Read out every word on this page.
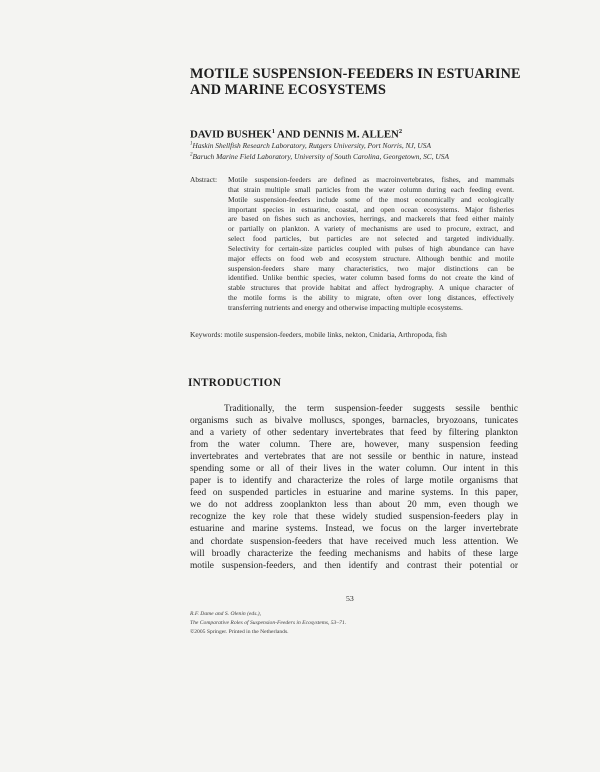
MOTILE SUSPENSION-FEEDERS IN ESTUARINE
AND MARINE ECOSYSTEMS
DAVID BUSHEK$^1$ AND DENNIS M. ALLEN$^2$
$^1$Haskin Shellfish Research Laboratory, Rutgers University, Port Norris, NJ, USA
$^2$Baruch Marine Field Laboratory, University of South Carolina, Georgetown, SC, USA
Abstract: Motile suspension-feeders are defined as macroinvertebrates, fishes, and mammals
that strain multiple small particles from the water column during each feeding event.
Motile suspension-feeders include some of the most economically and ecologically
important species in estuarine, coastal, and open ocean ecosystems. Major fisheries
are based on fishes such as anchovies, herrings, and mackerels that feed either mainly
or partially on plankton. A variety of mechanisms are used to procure, extract, and
select food particles, but particles are not selected and targeted individually.
Selectivity for certain-size particles coupled with pulses of high abundance can have
major effects on food web and ecosystem structure. Although benthic and motile
suspension-feeders share many characteristics, two major distinctions can be
identified. Unlike benthic species, water column based forms do not create the kind of
stable structures that provide habitat and affect hydrography. A unique character of
the motile forms is the ability to migrate, often over long distances, effectively
transferring nutrients and energy and otherwise impacting multiple ecosystems.
Keywords: motile suspension-feeders, mobile links, nekton, Cnidaria, Arthropoda, fish
INTRODUCTION
Traditionally, the term suspension-feeder suggests sessile benthic
organisms such as bivalve molluscs, sponges, barnacles, bryozoans, tunicates
and a variety of other sedentary invertebrates that feed by filtering plankton
from the water column. There are, however, many suspension feeding
invertebrates and vertebrates that are not sessile or benthic in nature, instead
spending some or all of their lives in the water column. Our intent in this
paper is to identify and characterize the roles of large motile organisms that
feed on suspended particles in estuarine and marine systems. In this paper,
we do not address zooplankton less than about 20 mm, even though we
recognize the key role that these widely studied suspension-feeders play in
estuarine and marine systems. Instead, we focus on the larger invertebrate
and chordate suspension-feeders that have received much less attention. We
will broadly characterize the feeding mechanisms and habits of these large
motile suspension-feeders, and then identify and contrast their potential or
53
R.F. Dame and S. Olenin (eds.),
The Comparative Roles of Suspension-Feeders in Ecosystems, 53–71.
©2005 Springer. Printed in the Netherlands.
